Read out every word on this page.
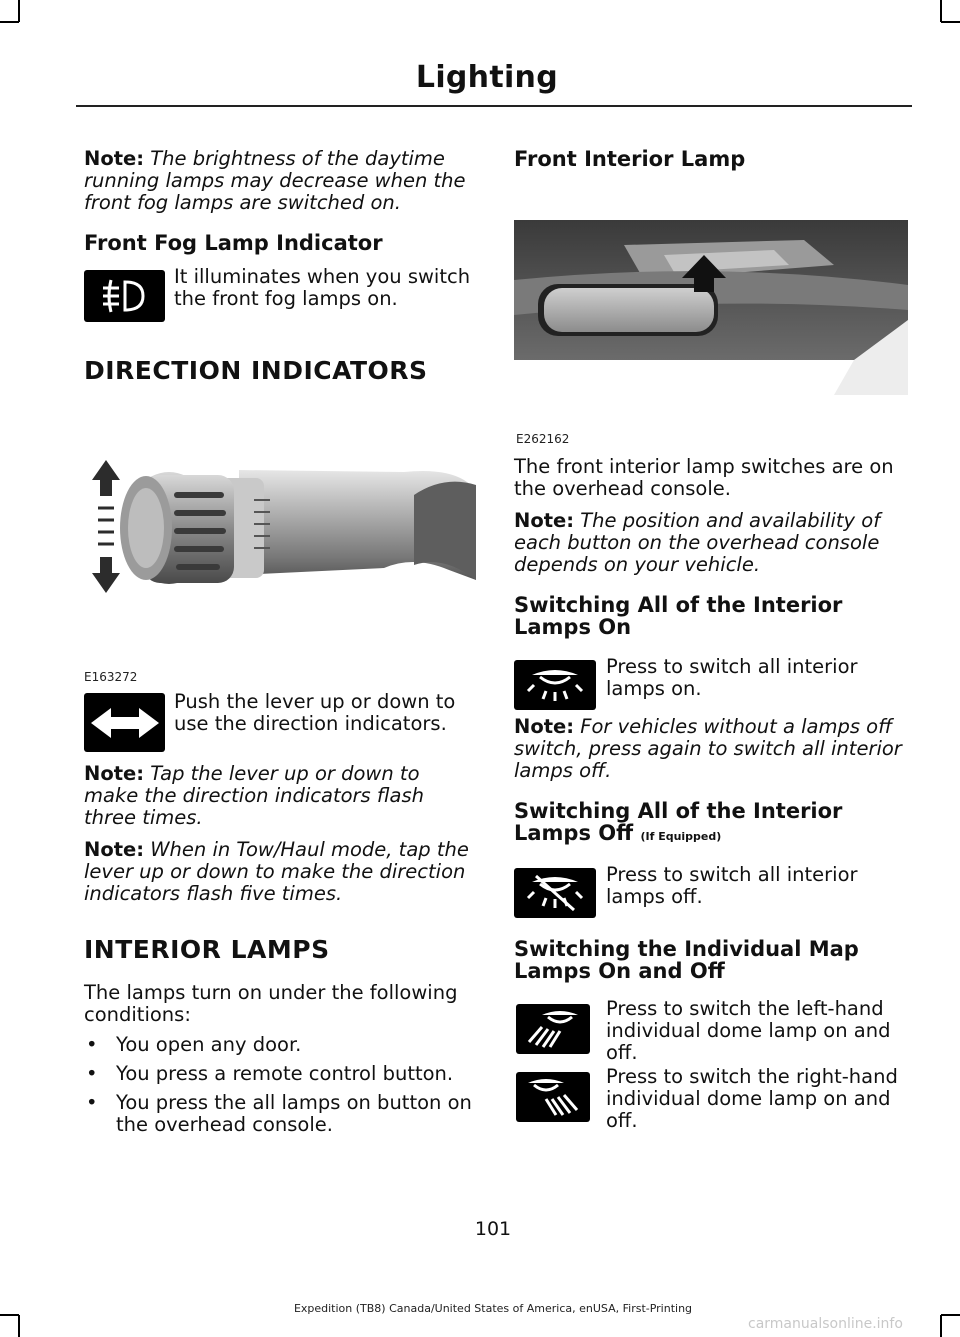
Lighting

Note: The brightness of the daytime running lamps may decrease when the front fog lamps are switched on.

Front Fog Lamp Indicator

It illuminates when you switch the front fog lamps on.

DIRECTION INDICATORS
E163272

Push the lever up or down to use the direction indicators.

Note: Tap the lever up or down to make the direction indicators flash three times.

Note: When in Tow/Haul mode, tap the lever up or down to make the direction indicators flash five times.

INTERIOR LAMPS

The lamps turn on under the following conditions:

• You open any door.
• You press a remote control button.
• You press the all lamps on button on the overhead console.
Front Interior Lamp
E262162

The front interior lamp switches are on the overhead console.

Note: The position and availability of each button on the overhead console depends on your vehicle.

Switching All of the Interior Lamps On

Press to switch all interior lamps on.

Note: For vehicles without a lamps off switch, press again to switch all interior lamps off.

Switching All of the Interior Lamps Off (If Equipped)

Press to switch all interior lamps off.

Switching the Individual Map Lamps On and Off

Press to switch the left-hand individual dome lamp on and off.

Press to switch the right-hand individual dome lamp on and off.

101
Expedition (TB8) Canada/United States of America, enUSA, First-Printing
carmanualsonline.info
